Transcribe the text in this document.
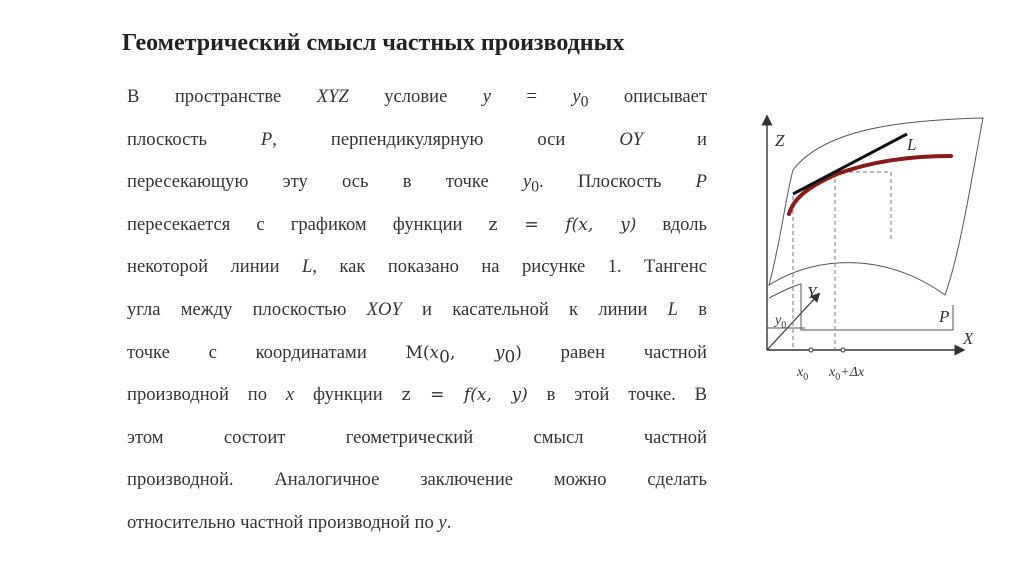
Геометрический смысл частных производных
В пространстве XYZ условие $y = y_0$ описывает
плоскость P, перпендикулярную оси OY и
пересекающую эту ось в точке $y_0$. Плоскость P
пересекается с графиком функции z = f(x, y) вдоль
некоторой линии L, как показано на рисунке 1. Тангенс
угла между плоскостью XOY и касательной к линии L в
точке с координатами $M(x_0$, $y_0$) равен частной
производной по x функции z = f(x, y) в этой точке. В
этом состоит геометрический смысл частной
производной. Аналогичное заключение можно сделать
относительно частной производной по y.
Z	L
Y
$y_0$	P
X
$x_0$ $x_0+\Delta x$
